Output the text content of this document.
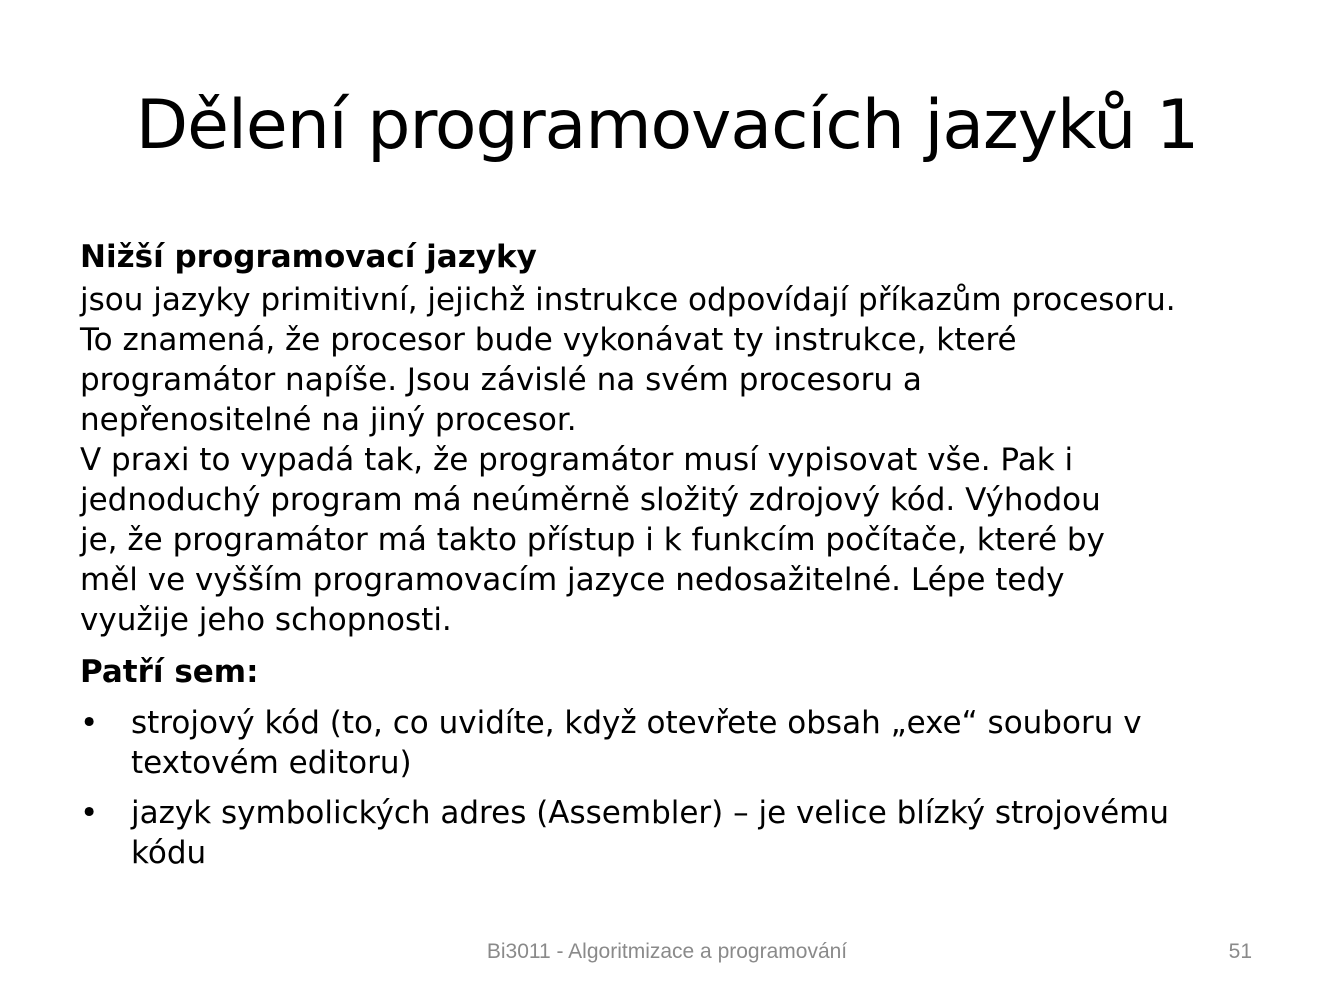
Dělení programovacích jazyků 1

Nižší programovací jazyky

jsou jazyky primitivní, jejichž instrukce odpovídají příkazům procesoru.
To znamená, že procesor bude vykonávat ty instrukce, které
programátor napíše. Jsou závislé na svém procesoru a
nepřenositelné na jiný procesor.
V praxi to vypadá tak, že programátor musí vypisovat vše. Pak i
jednoduchý program má neúměrně složitý zdrojový kód. Výhodou
je, že programátor má takto přístup i k funkcím počítače, které by
měl ve vyšším programovacím jazyce nedosažitelné. Lépe tedy
využije jeho schopnosti.

Patří sem:

• strojový kód (to, co uvidíte, když otevřete obsah „exe“ souboru v
textovém editoru)
• jazyk symbolických adres (Assembler) – je velice blízký strojovému
kódu
Bi3011 - Algoritmizace a programování	51
